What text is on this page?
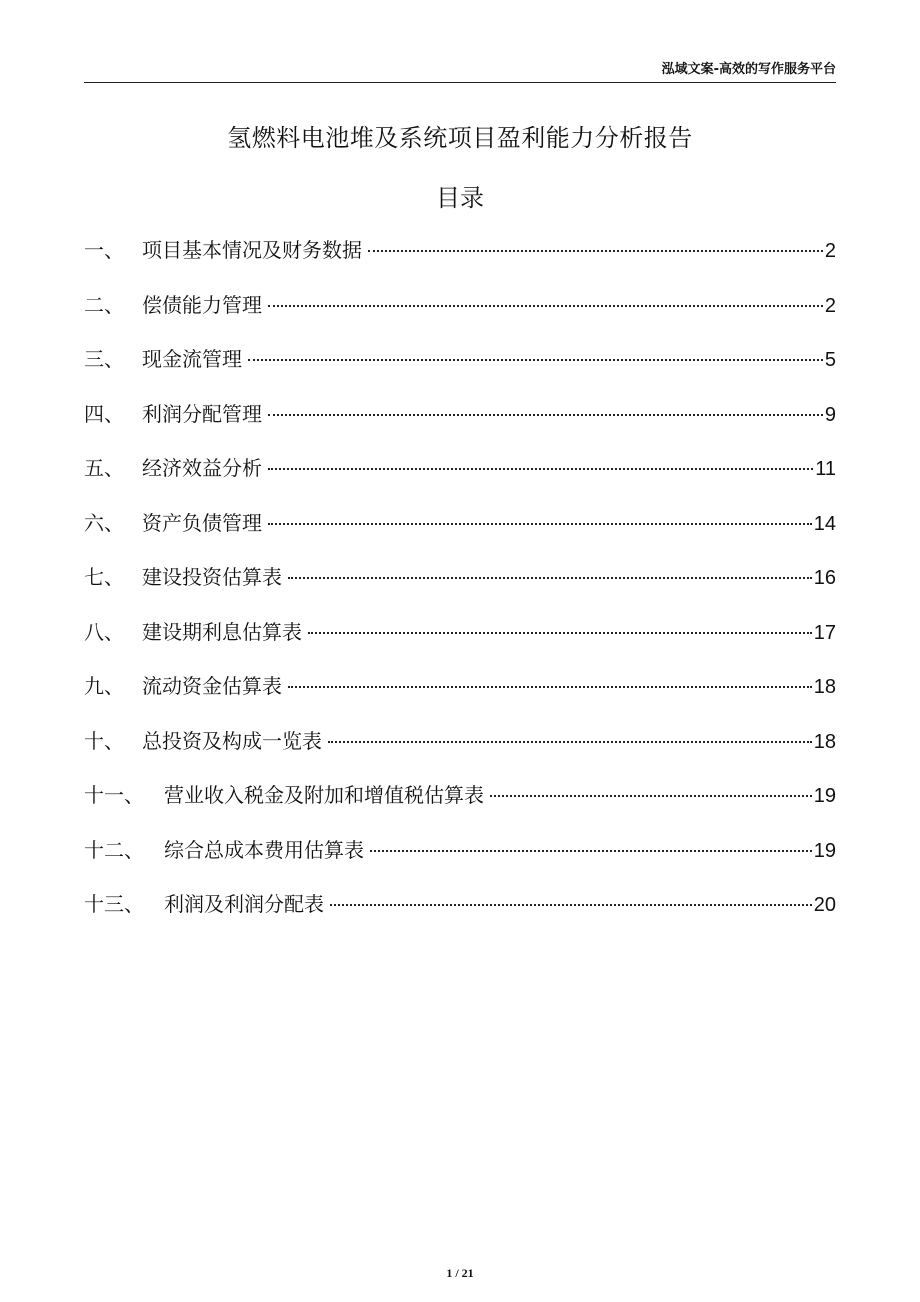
泓域文案-高效的写作服务平台
氢燃料电池堆及系统项目盈利能力分析报告
目录
一、 项目基本情况及财务数据	2
二、 偿债能力管理	2
三、 现金流管理	5
四、 利润分配管理	9
五、 经济效益分析	11
六、 资产负债管理	14
七、 建设投资估算表	16
八、 建设期利息估算表	17
九、 流动资金估算表	18
十、 总投资及构成一览表	18
十一、	营业收入税金及附加和增值税估算表	19
十二、	综合总成本费用估算表	19
十三、	利润及利润分配表	20
1 / 21
